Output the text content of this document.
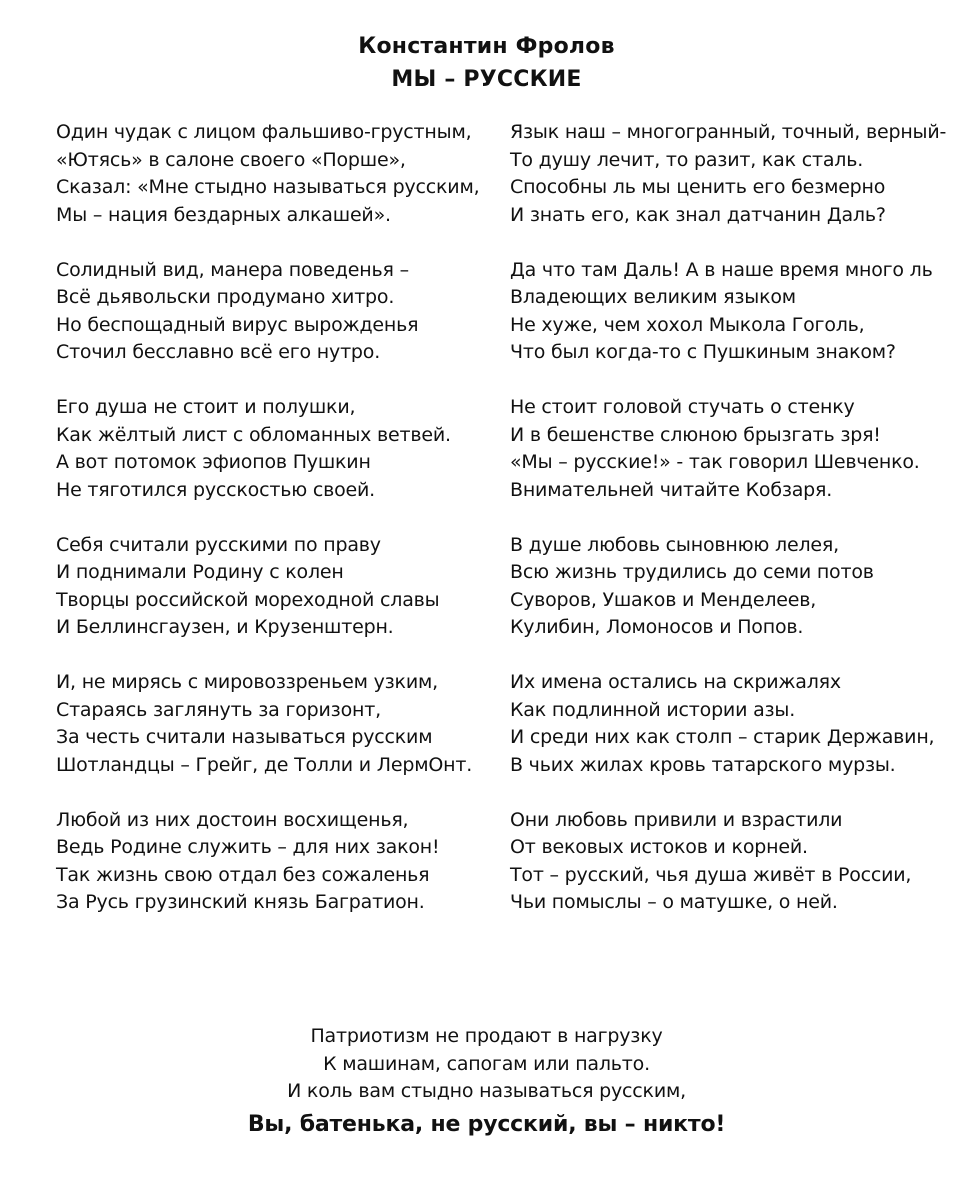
Константин Фролов
МЫ – РУССКИЕ
Один чудак с лицом фальшиво-грустным,
«Ютясь» в салоне своего «Порше»,
Сказал: «Мне стыдно называться русским,
Мы – нация бездарных алкашей».
Солидный вид, манера поведенья –
Всё дьявольски продумано хитро.
Но беспощадный вирус вырожденья
Сточил бесславно всё его нутро.
Его душа не стоит и полушки,
Как жёлтый лист с обломанных ветвей.
А вот потомок эфиопов Пушкин
Не тяготился русскостью своей.
Себя считали русскими по праву
И поднимали Родину с колен
Творцы российской мореходной славы
И Беллинсгаузен, и Крузенштерн.
И, не мирясь с мировоззреньем узким,
Стараясь заглянуть за горизонт,
За честь считали называться русским
Шотландцы – Грейг, де Толли и ЛермОнт.
Любой из них достоин восхищенья,
Ведь Родине служить – для них закон!
Так жизнь свою отдал без сожаленья
За Русь грузинский князь Багратион.
Язык наш – многогранный, точный, верный-
То душу лечит, то разит, как сталь.
Способны ль мы ценить его безмерно
И знать его, как знал датчанин Даль?
Да что там Даль! А в наше время много ль
Владеющих великим языком
Не хуже, чем хохол Мыкола Гоголь,
Что был когда-то с Пушкиным знаком?
Не стоит головой стучать о стенку
И в бешенстве слюною брызгать зря!
«Мы – русские!» - так говорил Шевченко.
Внимательней читайте Кобзаря.
В душе любовь сыновнюю лелея,
Всю жизнь трудились до семи потов
Суворов, Ушаков и Менделеев,
Кулибин, Ломоносов и Попов.
Их имена остались на скрижалях
Как подлинной истории азы.
И среди них как столп – старик Державин,
В чьих жилах кровь татарского мурзы.
Они любовь привили и взрастили
От вековых истоков и корней.
Тот – русский, чья душа живёт в России,
Чьи помыслы – о матушке, о ней.
Патриотизм не продают в нагрузку
К машинам, сапогам или пальто.
И коль вам стыдно называться русским,
Вы, батенька, не русский, вы – никто!
